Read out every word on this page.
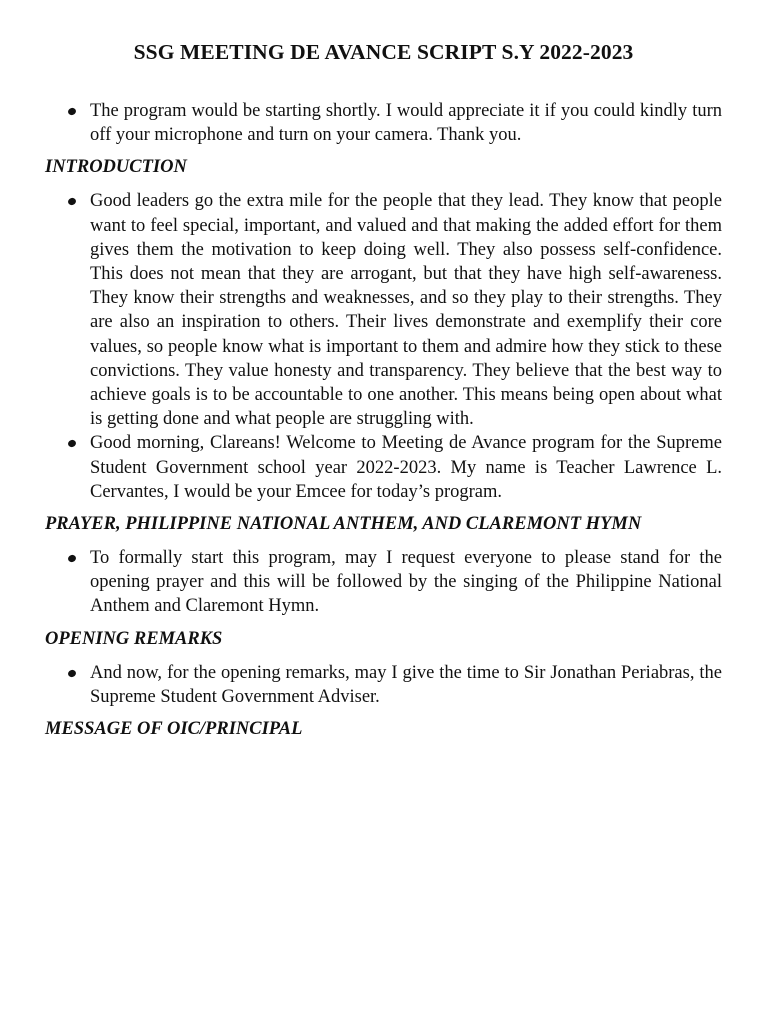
SSG MEETING DE AVANCE SCRIPT S.Y 2022-2023
The program would be starting shortly. I would appreciate it if you could kindly turn off your microphone and turn on your camera. Thank you.
INTRODUCTION
Good leaders go the extra mile for the people that they lead. They know that people want to feel special, important, and valued and that making the added effort for them gives them the motivation to keep doing well. They also possess self-confidence. This does not mean that they are arrogant, but that they have high self-awareness. They know their strengths and weaknesses, and so they play to their strengths. They are also an inspiration to others. Their lives demonstrate and exemplify their core values, so people know what is important to them and admire how they stick to these convictions. They value honesty and transparency. They believe that the best way to achieve goals is to be accountable to one another. This means being open about what is getting done and what people are struggling with.
Good morning, Clareans! Welcome to Meeting de Avance program for the Supreme Student Government school year 2022-2023. My name is Teacher Lawrence L. Cervantes, I would be your Emcee for today’s program.
PRAYER, PHILIPPINE NATIONAL ANTHEM, AND CLAREMONT HYMN
To formally start this program, may I request everyone to please stand for the opening prayer and this will be followed by the singing of the Philippine National Anthem and Claremont Hymn.
OPENING REMARKS
And now, for the opening remarks, may I give the time to Sir Jonathan Periabras, the Supreme Student Government Adviser.
MESSAGE OF OIC/PRINCIPAL
